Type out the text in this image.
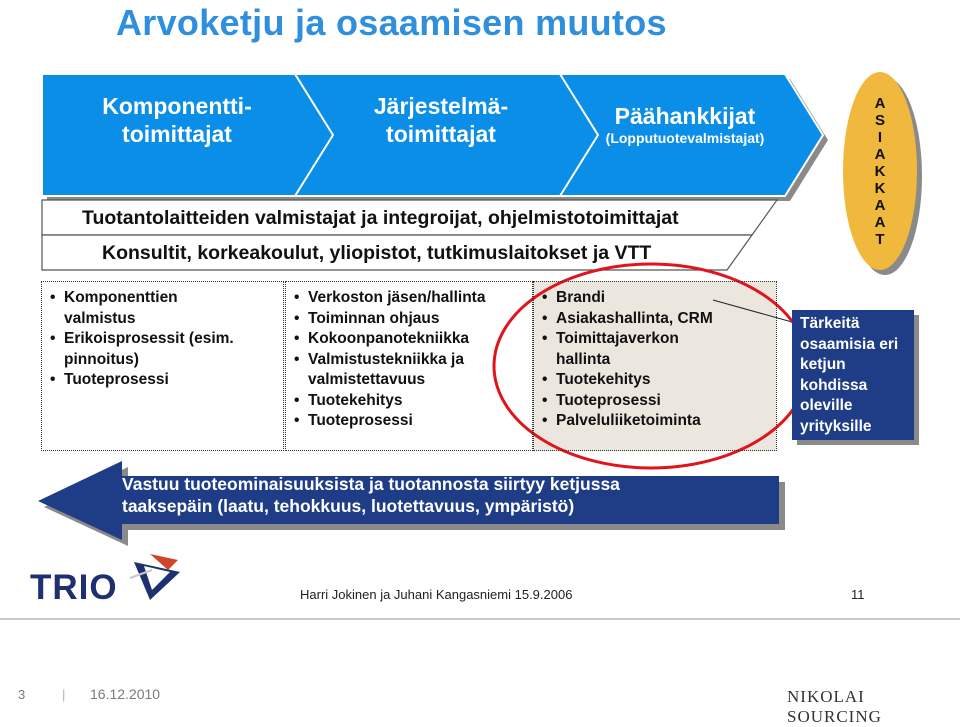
Arvoketju ja osaamisen muutos
Komponentti-
toimittajat
Järjestelmä-
toimittajat
Päähankkijat
(Lopputuotevalmistajat)
A
S
I
A
K
K
A
A
T
Tuotantolaitteiden valmistajat ja integroijat, ohjelmistotoimittajat
Konsultit, korkeakoulut, yliopistot, tutkimuslaitokset ja VTT
• Komponenttien valmistus
• Erikoisprosessit (esim. pinnoitus)
• Tuoteprosessi
• Verkoston jäsen/hallinta
• Toiminnan ohjaus
• Kokoonpanotekniikka
• Valmistustekniikka ja valmistettavuus
• Tuotekehitys
• Tuoteprosessi
• Brandi
• Asiakashallinta, CRM
• Toimittajaverkon hallinta
• Tuotekehitys
• Tuoteprosessi
• Palveluliiketoiminta
Tärkeitä osaamisia eri ketjun kohdissa oleville yrityksille
Vastuu tuoteominaisuuksista ja tuotannosta siirtyy ketjussa
taaksepäin (laatu, tehokkuus, luotettavuus, ympäristö)
TRIO	Harri Jokinen ja Juhani Kangasniemi 15.9.2006	11
3	| 16.12.2010	NIKOLAI SOURCING
